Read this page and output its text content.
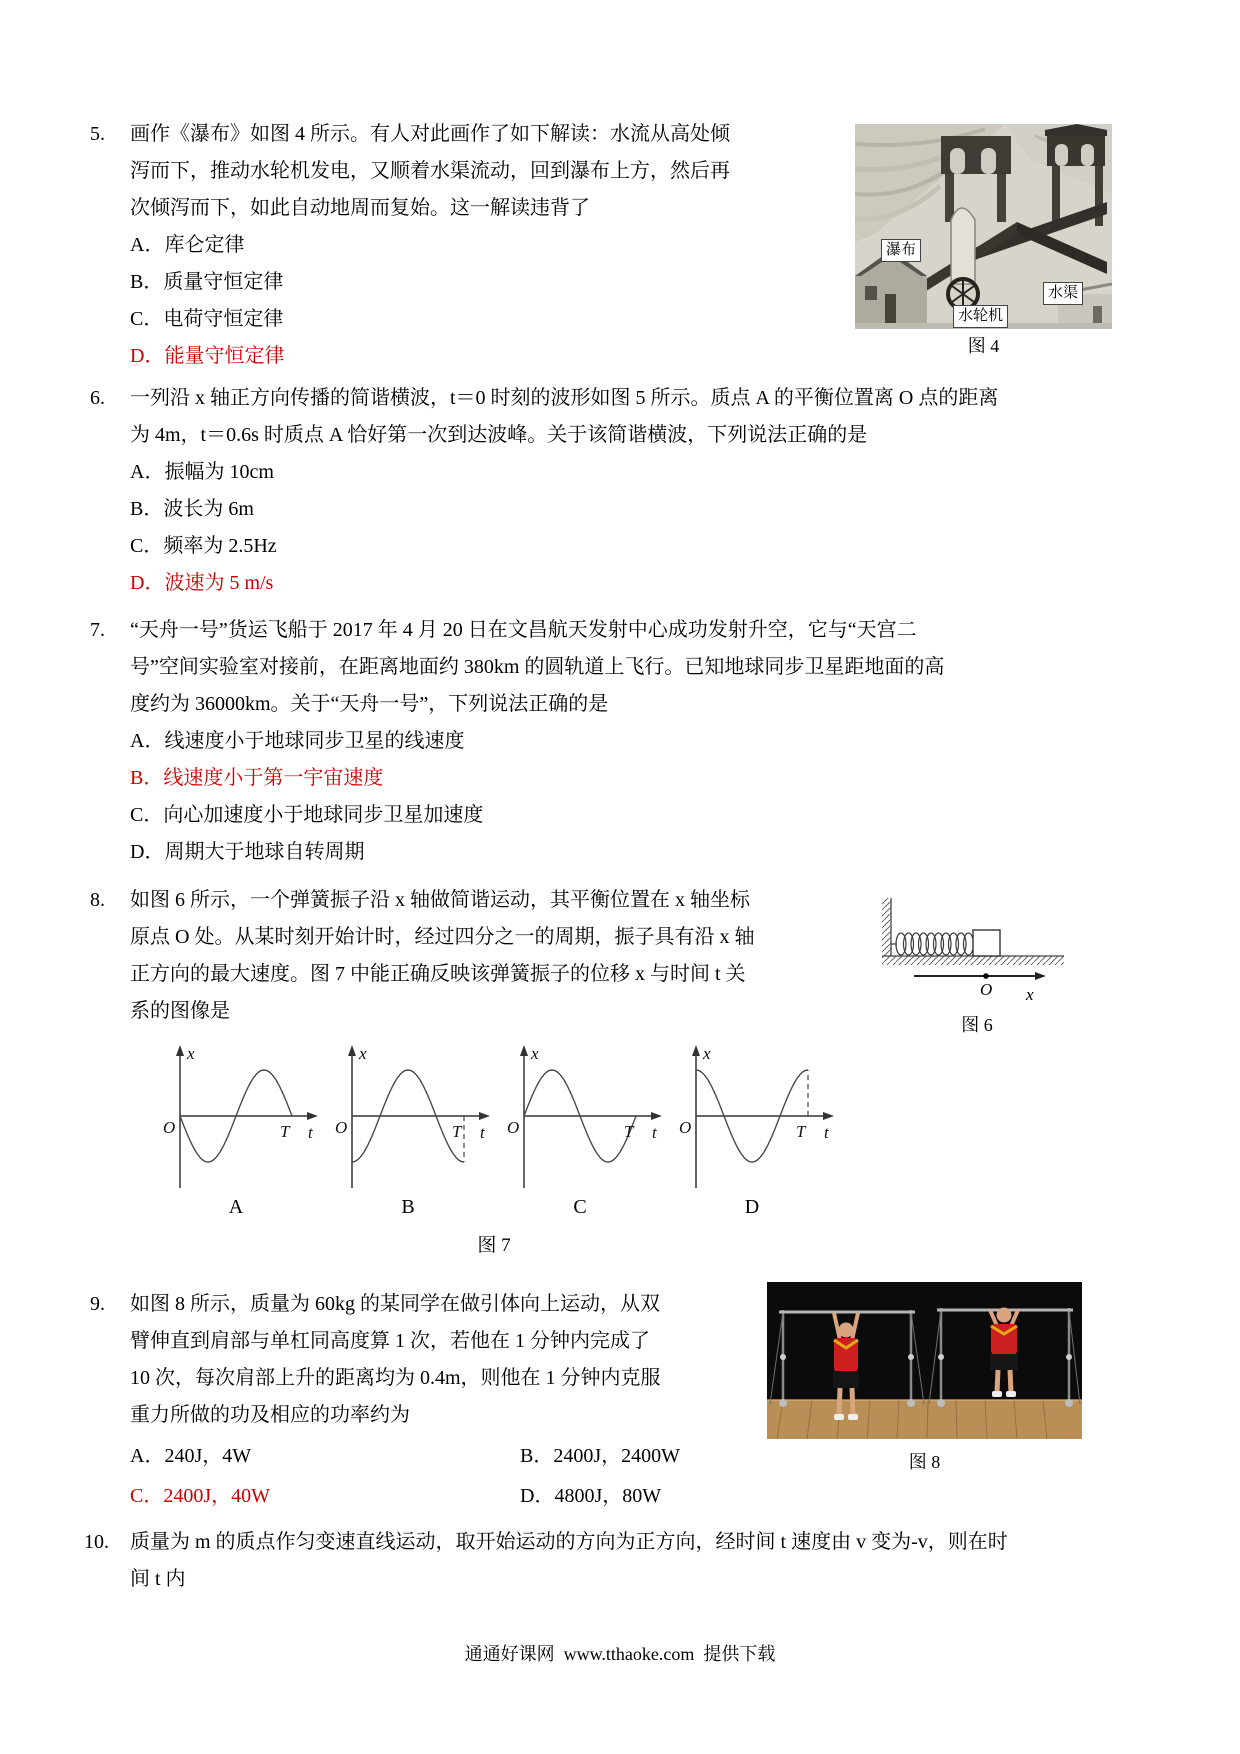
5.	画作《瀑布》如图 4 所示。有人对此画作了如下解读：水流从高处倾
泻而下，推动水轮机发电，又顺着水渠流动，回到瀑布上方，然后再
次倾泻而下，如此自动地周而复始。这一解读违背了
A．库仑定律
B．质量守恒定律
C．电荷守恒定律
D．能量守恒定律
瀑布
水渠
水轮机
图 4
6.	一列沿 x 轴正方向传播的简谐横波，t＝0 时刻的波形如图 5 所示。质点 A 的平衡位置离 O 点的距离
为 4m，t＝0.6s 时质点 A 恰好第一次到达波峰。关于该简谐横波，下列说法正确的是
A．振幅为 10cm
B．波长为 6m
C．频率为 2.5Hz
D．波速为 5 m/s
7.	“天舟一号”货运飞船于 2017 年 4 月 20 日在文昌航天发射中心成功发射升空，它与“天宫二
号”空间实验室对接前，在距离地面约 380km 的圆轨道上飞行。已知地球同步卫星距地面的高
度约为 36000km。关于“天舟一号”，下列说法正确的是
A．线速度小于地球同步卫星的线速度
B．线速度小于第一宇宙速度
C．向心加速度小于地球同步卫星加速度
D．周期大于地球自转周期
8.	如图 6 所示，一个弹簧振子沿 x 轴做简谐运动，其平衡位置在 x 轴坐标
原点 O 处。从某时刻开始计时，经过四分之一的周期，振子具有沿 x 轴
正方向的最大速度。图 7 中能正确反映该弹簧振子的位移 x 与时间 t 关
系的图像是
O x
图 6
x
t
O	T
x
t
O	T
x
t
O	T
x
t
O	T
A	B	C	D
图 7
9.	如图 8 所示，质量为 60kg 的某同学在做引体向上运动，从双
臂伸直到肩部与单杠同高度算 1 次，若他在 1 分钟内完成了
10 次，每次肩部上升的距离均为 0.4m，则他在 1 分钟内克服
重力所做的功及相应的功率约为
A．240J，4W	B．2400J，2400W
C．2400J，40W	D．4800J，80W
图 8
10.	质量为 m 的质点作匀变速直线运动，取开始运动的方向为正方向，经时间 t 速度由 v 变为-v，则在时
间 t 内
通通好课网  www.tthaoke.com  提供下载
